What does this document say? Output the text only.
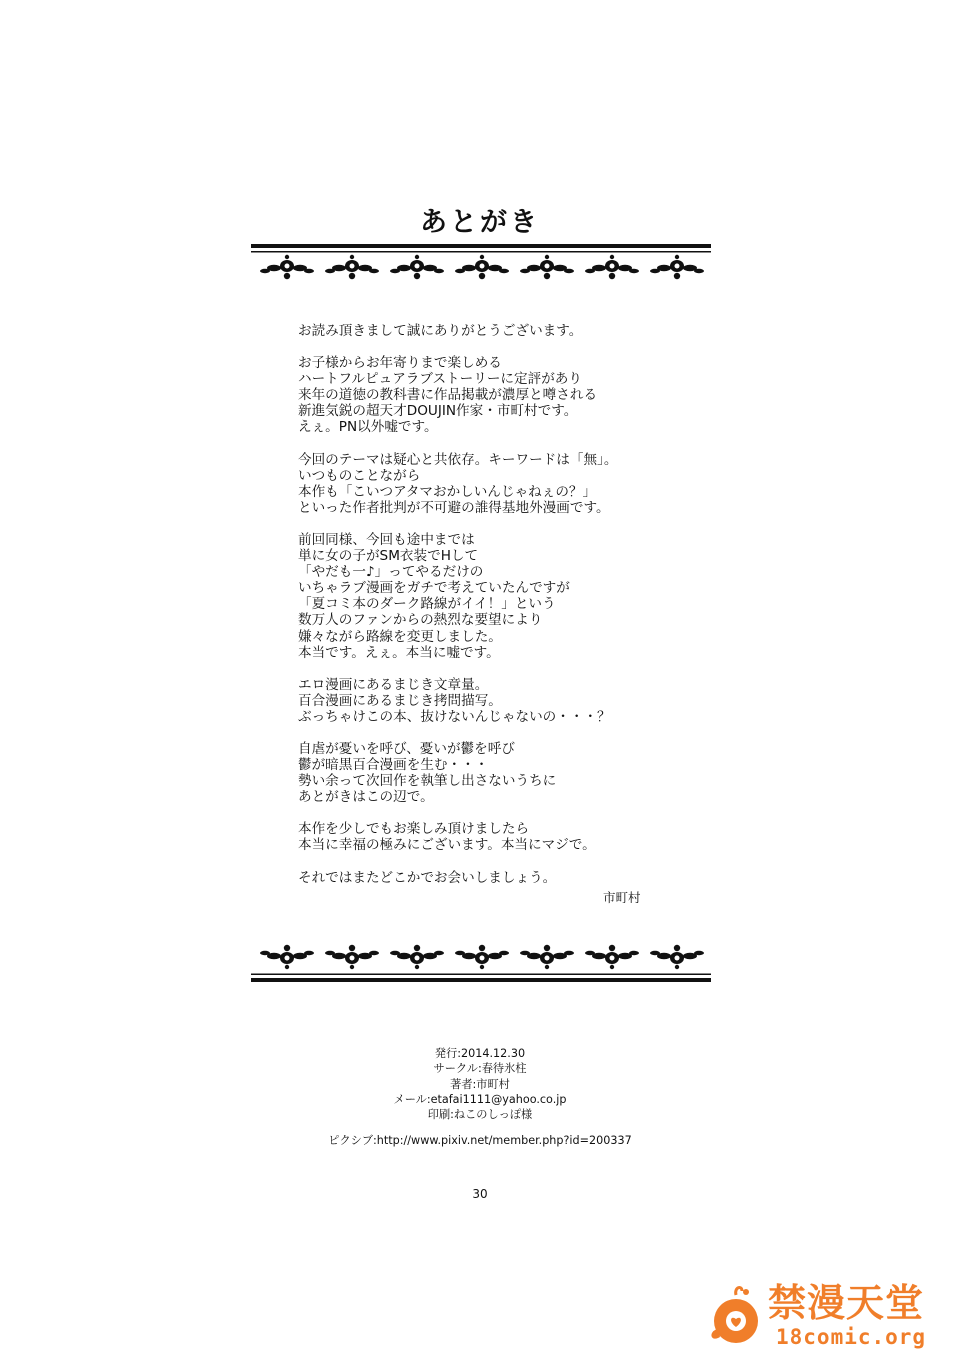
あとがき
お読み頂きまして誠にありがとうございます。
お子様からお年寄りまで楽しめる
ハートフルピュアラブストーリーに定評があり
来年の道徳の教科書に作品掲載が濃厚と噂される
新進気鋭の超天才DOUJIN作家・市町村です。
えぇ。PN以外嘘です。
今回のテーマは疑心と共依存。キーワードは「無」。
いつものことながら
本作も「こいつアタマおかしいんじゃねぇの？」
といった作者批判が不可避の誰得基地外漫画です。
前回同様、今回も途中までは
単に女の子がSM衣装でHして
「やだも一♪」ってやるだけの
いちゃラブ漫画をガチで考えていたんですが
「夏コミ本のダーク路線がイイ！」という
数万人のファンからの熱烈な要望により
嫌々ながら路線を変更しました。
本当です。えぇ。本当に嘘です。
エロ漫画にあるまじき文章量。
百合漫画にあるまじき拷問描写。
ぶっちゃけこの本、抜けないんじゃないの・・・？
自虐が憂いを呼び、憂いが鬱を呼び
鬱が暗黒百合漫画を生む・・・
勢い余って次回作を執筆し出さないうちに
あとがきはこの辺で。
本作を少しでもお楽しみ頂けましたら
本当に幸福の極みにございます。本当にマジで。
それではまたどこかでお会いしましょう。
市町村
発行:2014.12.30
サークル:春待氷柱
著者:市町村
メール:etafai1111@yahoo.co.jp
印刷:ねこのしっぽ様
ピクシブ:http://www.pixiv.net/member.php?id=200337
30
禁漫天堂
18comic.org
